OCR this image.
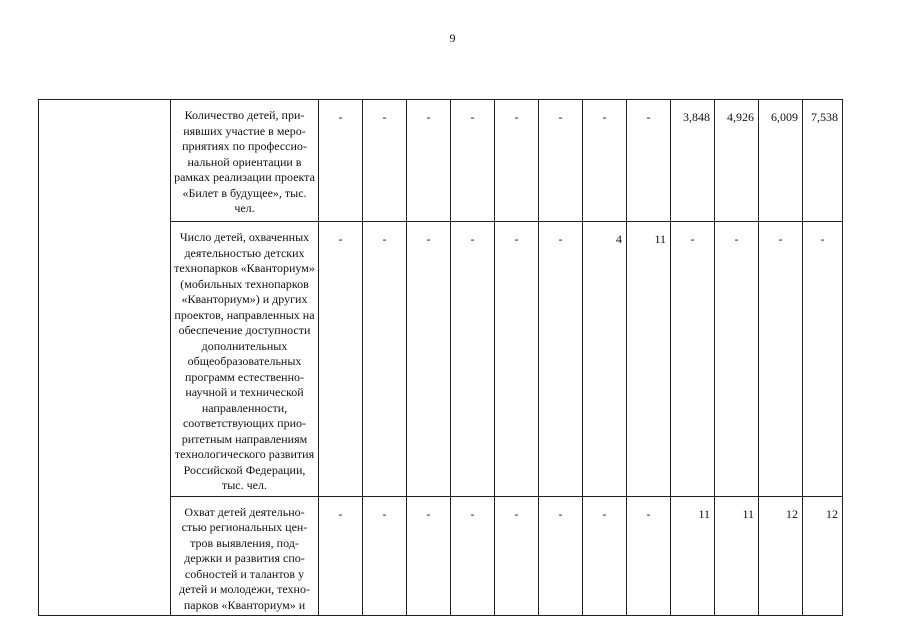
9
	Количество детей, принявших участие в мероприятиях по профессиональной ориентации в рамках реализации проекта «Билет в будущее», тыс. чел.	-	-	-	-	-	-	-	-	3,848	4,926	6,009	7,538
	Число детей, охваченных деятельностью детских технопарков «Кванториум» (мобильных технопарков «Кванториум») и других проектов, направленных на обеспечение доступности дополнительных общеобразовательных программ естественно-научной и технической направленности, соответствующих приоритетным направлениям технологического развития Российской Федерации, тыс. чел.	-	-	-	-	-	-	4	11	-	-	-	-
	Охват детей деятельностью региональных центров выявления, поддержки и развития способностей и талантов у детей и молодежи, технопарков «Кванториум» и	-	-	-	-	-	-	-	-	11	11	12	12
